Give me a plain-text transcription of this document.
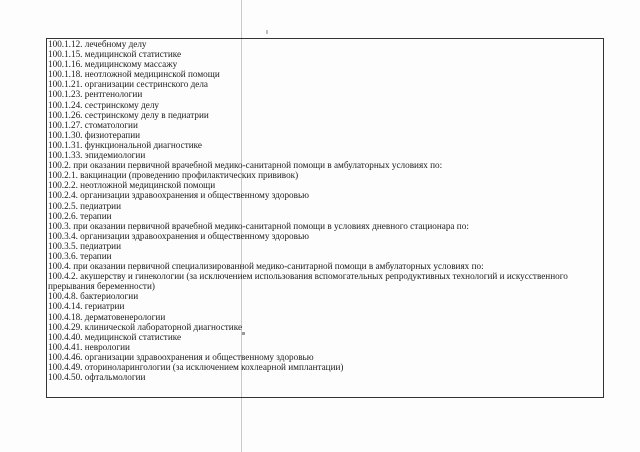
100.1.12. лечебному делу
100.1.15. медицинской статистике
100.1.16. медицинскому массажу
100.1.18. неотложной медицинской помощи
100.1.21. организации сестринского дела
100.1.23. рентгенологии
100.1.24. сестринскому делу
100.1.26. сестринскому делу в педиатрии
100.1.27. стоматологии
100.1.30. физиотерапии
100.1.31. функциональной диагностике
100.1.33. эпидемиологии
100.2. при оказании первичной врачебной медико-санитарной помощи в амбулаторных условиях по:
100.2.1. вакцинации (проведению профилактических прививок)
100.2.2. неотложной медицинской помощи
100.2.4. организации здравоохранения и общественному здоровью
100.2.5. педиатрии
100.2.6. терапии
100.3. при оказании первичной врачебной медико-санитарной помощи в условиях дневного стационара по:
100.3.4. организации здравоохранения и общественному здоровью
100.3.5. педиатрии
100.3.6. терапии
100.4. при оказании первичной специализированной медико-санитарной помощи в амбулаторных условиях по:
100.4.2. акушерству и гинекологии (за исключением использования вспомогательных репродуктивных технологий и искусственного прерывания беременности)
100.4.8. бактериологии
100.4.14. гериатрии
100.4.18. дерматовенерологии
100.4.29. клинической лабораторной диагностике
100.4.40. медицинской статистике
100.4.41. неврологии
100.4.46. организации здравоохранения и общественному здоровью
100.4.49. оториноларингологии (за исключением кохлеарной имплантации)
100.4.50. офтальмологии
